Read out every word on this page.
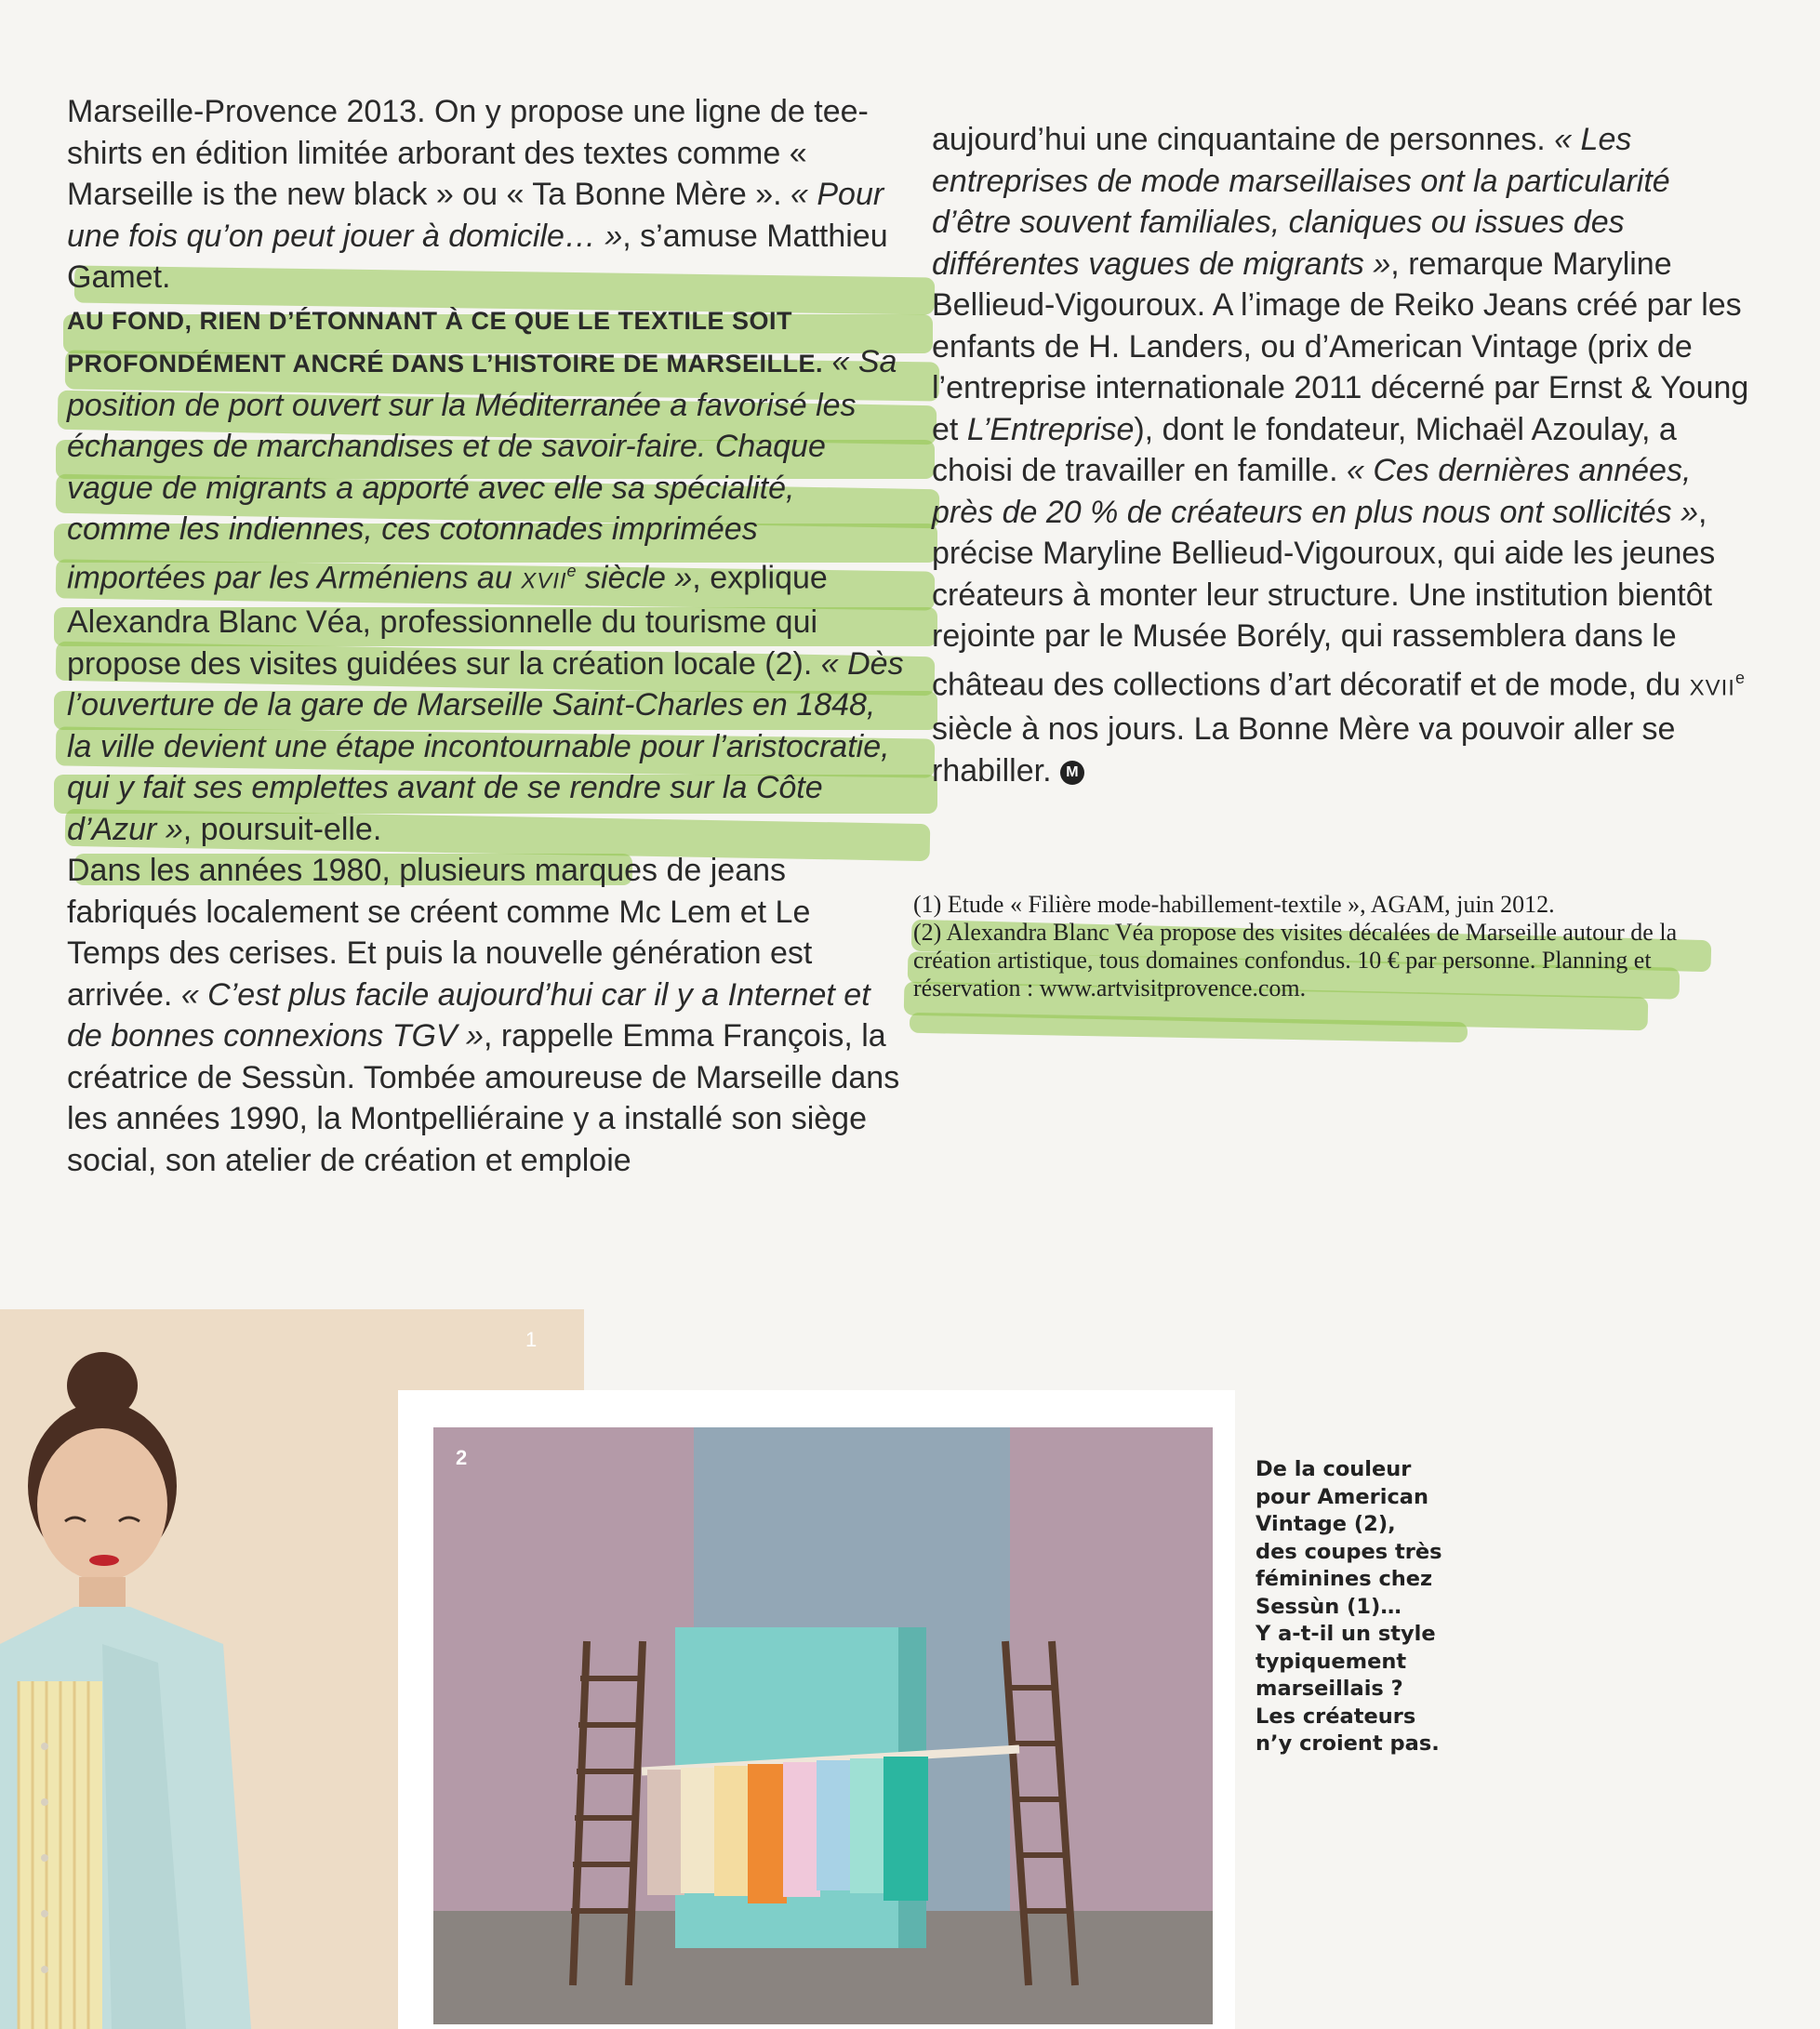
Marseille-Provence 2013. On y propose une ligne de tee-shirts en édition limitée arborant des textes comme « Marseille is the new black » ou « Ta Bonne Mère ». « Pour une fois qu’on peut jouer à domicile… », s’amuse Matthieu Gamet.

AU FOND, RIEN D’ÉTONNANT À CE QUE LE TEXTILE SOIT PROFONDÉMENT ANCRÉ DANS L’HISTOIRE DE MARSEILLE. « Sa position de port ouvert sur la Méditerranée a favorisé les échanges de marchandises et de savoir-faire. Chaque vague de migrants a apporté avec elle sa spécialité, comme les indiennes, ces cotonnades imprimées importées par les Arméniens au XVIIe siècle », explique Alexandra Blanc Véa, professionnelle du tourisme qui propose des visites guidées sur la création locale (2). « Dès l’ouverture de la gare de Marseille Saint-Charles en 1848, la ville devient une étape incontournable pour l’aristocratie, qui y fait ses emplettes avant de se rendre sur la Côte d’Azur », poursuit-elle.

Dans les années 1980, plusieurs marques de jeans fabriqués localement se créent comme Mc Lem et Le Temps des cerises. Et puis la nouvelle génération est arrivée. « C’est plus facile aujourd’hui car il y a Internet et de bonnes connexions TGV », rappelle Emma François, la créatrice de Sessùn. Tombée amoureuse de Marseille dans les années 1990, la Montpelliéraine y a installé son siège social, son atelier de création et emploie

aujourd’hui une cinquantaine de personnes. « Les entreprises de mode marseillaises ont la particularité d’être souvent familiales, claniques ou issues des différentes vagues de migrants », remarque Maryline Bellieud-Vigouroux. A l’image de Reiko Jeans créé par les enfants de H. Landers, ou d’American Vintage (prix de l’entreprise internationale 2011 décerné par Ernst & Young et L’Entreprise), dont le fondateur, Michaël Azoulay, a choisi de travailler en famille. « Ces dernières années, près de 20 % de créateurs en plus nous ont sollicités », précise Maryline Bellieud-Vigouroux, qui aide les jeunes créateurs à monter leur structure. Une institution bientôt rejointe par le Musée Borély, qui rassemblera dans le château des collections d’art décoratif et de mode, du XVIIe siècle à nos jours. La Bonne Mère va pouvoir aller se rhabiller. M

(1) Etude « Filière mode-habillement-textile », AGAM, juin 2012.

(2) Alexandra Blanc Véa propose des visites décalées de Marseille autour de la création artistique, tous domaines confondus. 10 € par personne. Planning et réservation : www.artvisitprovence.com.

1
2	De la couleur

pour American

Vintage (2),

des coupes très

féminines chez

Sessùn (1)…

Y a-t-il un style

typiquement

marseillais ?

Les créateurs

n’y croient pas.
